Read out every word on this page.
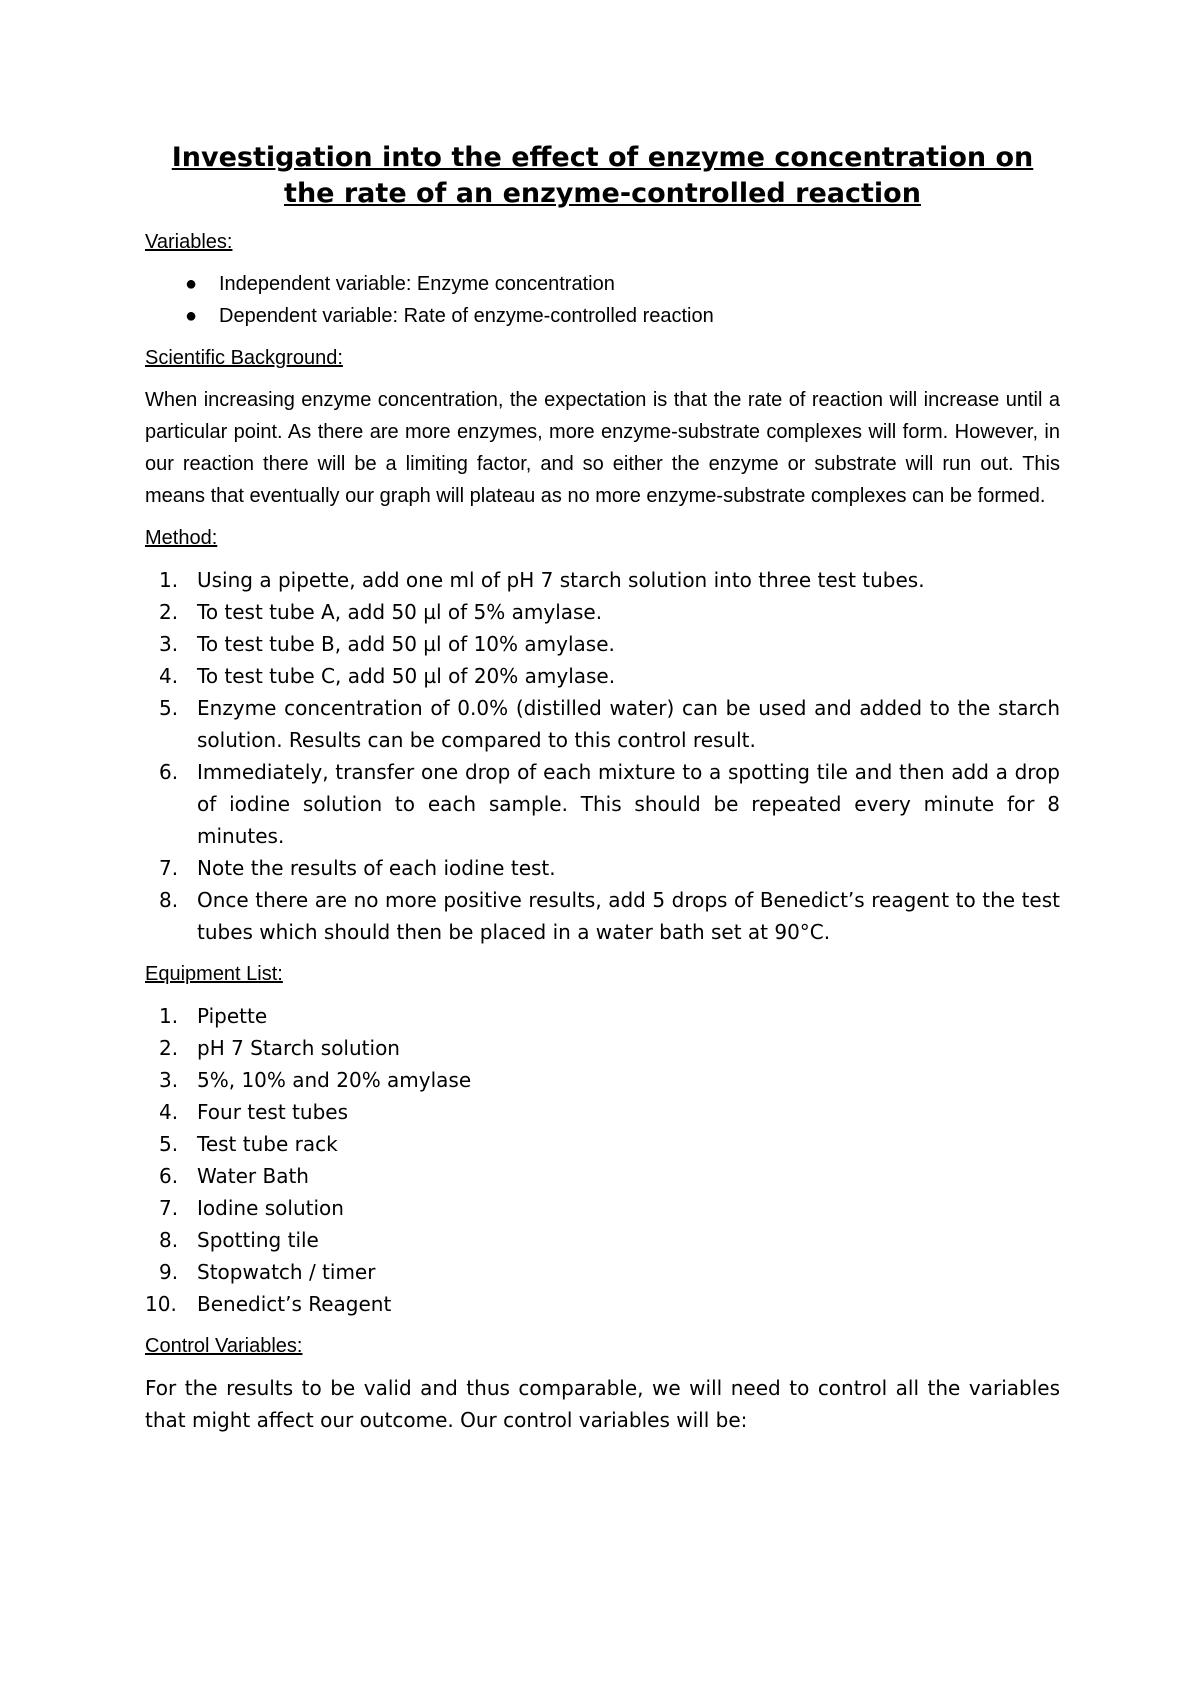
Investigation into the effect of enzyme concentration on the rate of an enzyme-controlled reaction

Variables:

● Independent variable: Enzyme concentration
● Dependent variable: Rate of enzyme-controlled reaction

Scientific Background:

When increasing enzyme concentration, the expectation is that the rate of reaction will increase until a particular point. As there are more enzymes, more enzyme-substrate complexes will form. However, in our reaction there will be a limiting factor, and so either the enzyme or substrate will run out. This means that eventually our graph will plateau as no more enzyme-substrate complexes can be formed.

Method:

1. Using a pipette, add one ml of pH 7 starch solution into three test tubes.
2. To test tube A, add 50 µl of 5% amylase.
3. To test tube B, add 50 µl of 10% amylase.
4. To test tube C, add 50 µl of 20% amylase.
5. Enzyme concentration of 0.0% (distilled water) can be used and added to the starch solution. Results can be compared to this control result.
6. Immediately, transfer one drop of each mixture to a spotting tile and then add a drop of iodine solution to each sample. This should be repeated every minute for 8 minutes.
7. Note the results of each iodine test.
8. Once there are no more positive results, add 5 drops of Benedict’s reagent to the test tubes which should then be placed in a water bath set at 90°C.

Equipment List:

1. Pipette
2. pH 7 Starch solution
3. 5%, 10% and 20% amylase
4. Four test tubes
5. Test tube rack
6. Water Bath
7. Iodine solution
8. Spotting tile
9. Stopwatch / timer
10. Benedict’s Reagent

Control Variables:

For the results to be valid and thus comparable, we will need to control all the variables that might affect our outcome. Our control variables will be:
